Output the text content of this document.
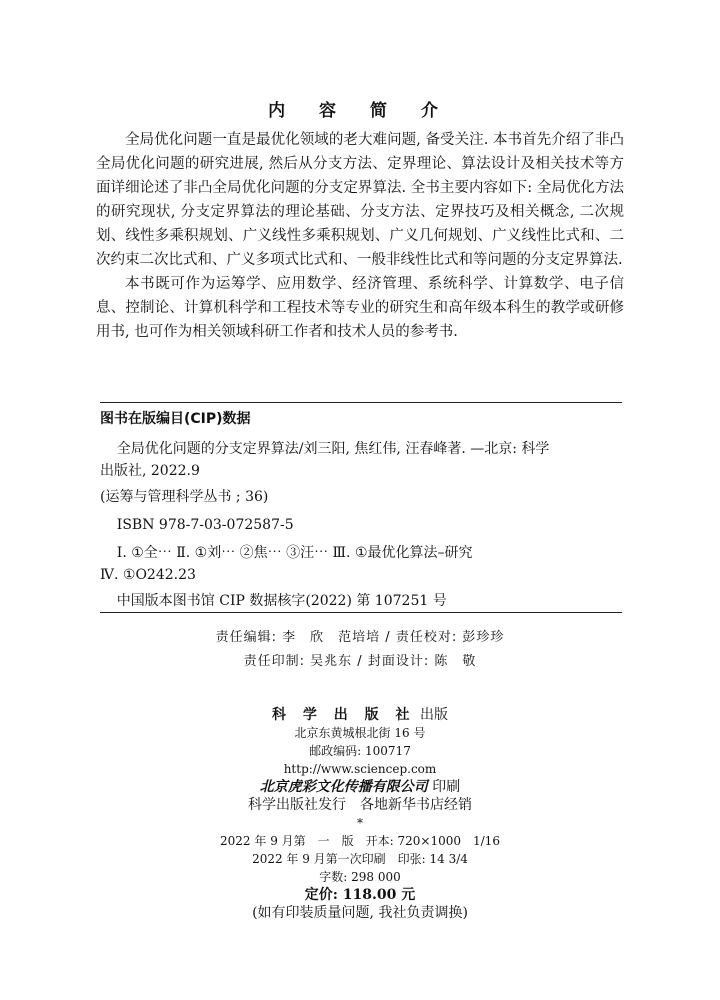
内 容 简 介

全局优化问题一直是最优化领域的老大难问题, 备受关注. 本书首先介绍了非凸全局优化问题的研究进展, 然后从分支方法、定界理论、算法设计及相关技术等方面详细论述了非凸全局优化问题的分支定界算法. 全书主要内容如下: 全局优化方法的研究现状, 分支定界算法的理论基础、分支方法、定界技巧及相关概念, 二次规划、线性多乘积规划、广义线性多乘积规划、广义几何规划、广义线性比式和、二次约束二次比式和、广义多项式比式和、一般非线性比式和等问题的分支定界算法.

本书既可作为运筹学、应用数学、经济管理、系统科学、计算数学、电子信息、控制论、计算机科学和工程技术等专业的研究生和高年级本科生的教学或研修用书, 也可作为相关领域科研工作者和技术人员的参考书.

图书在版编目(CIP)数据

全局优化问题的分支定界算法/刘三阳, 焦红伟, 汪春峰著. —北京: 科学

出版社, 2022.9

(运筹与管理科学丛书 ; 36)

ISBN 978-7-03-072587-5

Ⅰ. ①全⋯ Ⅱ. ①刘⋯ ②焦⋯ ③汪⋯ Ⅲ. ①最优化算法–研究

Ⅳ. ①O242.23

中国版本图书馆 CIP 数据核字(2022) 第 107251 号

责任编辑: 李　欣　范培培 / 责任校对: 彭珍珍
责任印制: 吴兆东 / 封面设计: 陈　敬
科 学 出 版 社 出版
北京东黄城根北街 16 号
邮政编码: 100717
http://www.sciencep.com
北京虎彩文化传播有限公司 印刷
科学出版社发行　各地新华书店经销
*
2022 年 9 月第　一　版　开本: 720×1000　1/16
2022 年 9 月第一次印刷　印张: 14 3/4
字数: 298 000
定价: 118.00 元
(如有印装质量问题, 我社负责调换)
